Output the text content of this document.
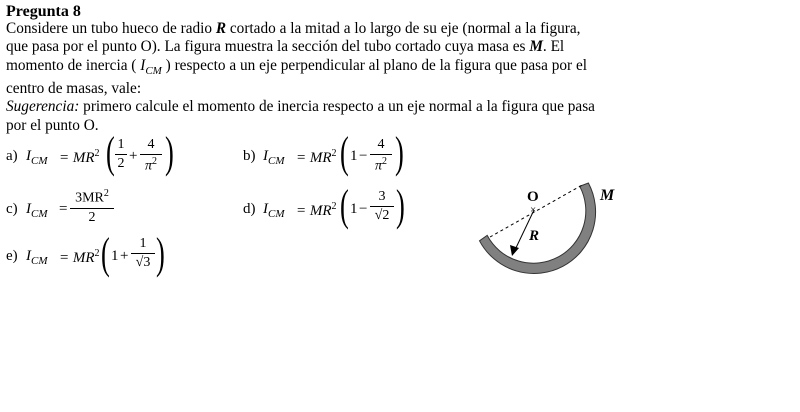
Pregunta 8
Considere un tubo hueco de radio R cortado a la mitad a lo largo de su eje (normal a la figura, que pasa por el punto O). La figura muestra la sección del tubo cortado cuya masa es M. El momento de inercia ( $I_{CM}$ ) respecto a un eje perpendicular al plano de la figura que pasa por el centro de masas, vale:
Sugerencia: primero calcule el momento de inercia respecto a un eje normal a la figura que pasa por el punto O.
a) $I_{CM} = MR^2$ ( 1
2 +
4
$\pi^2$ )	b) $I_{CM} = MR^2$ ( 1 −
4
$\pi^2$ )
c) $I_{CM}$ =
$3MR^2$
2
d) $I_{CM} = MR^2$ ( 1 −
3
√2 )
e) $I_{CM} = MR^2$ ( 1 +
1
√3 )
×
O
R
M
